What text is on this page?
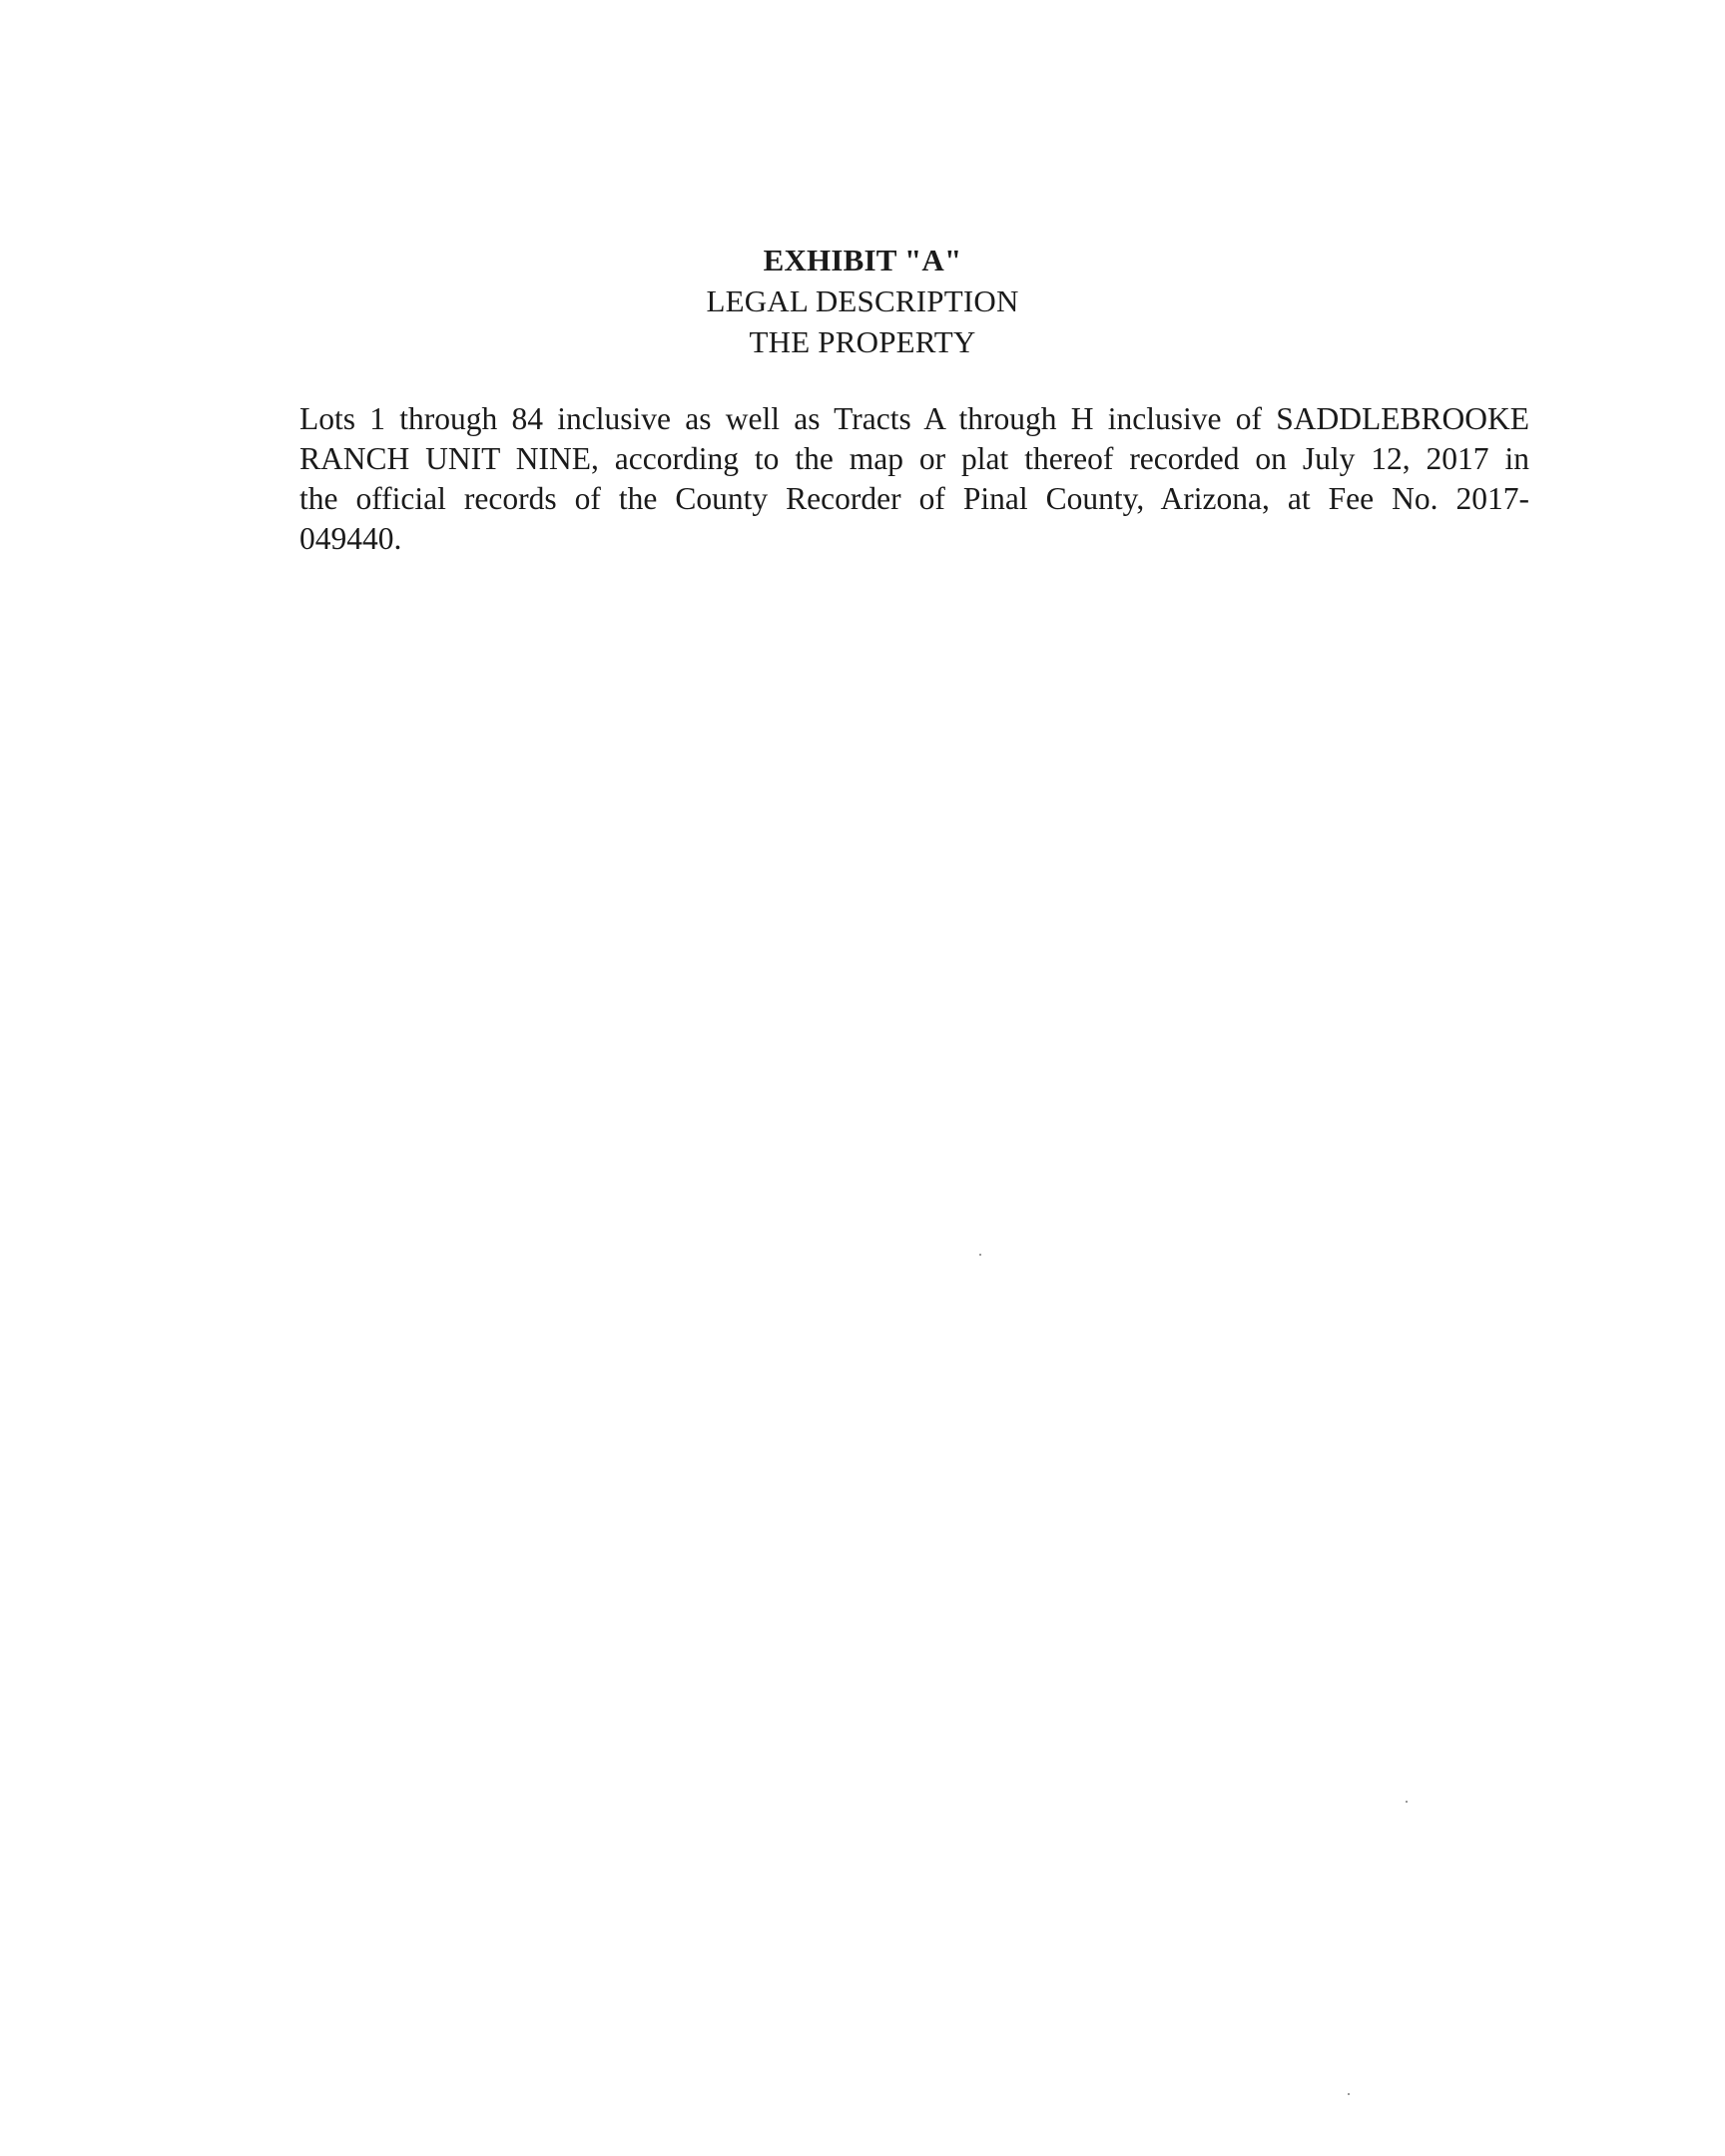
EXHIBIT "A"
LEGAL DESCRIPTION
THE PROPERTY
Lots 1 through 84 inclusive as well as Tracts A through H inclusive of SADDLEBROOKE
RANCH UNIT NINE, according to the map or plat thereof recorded on July 12, 2017 in
the official records of the County Recorder of Pinal County, Arizona, at Fee No. 2017-
049440.
